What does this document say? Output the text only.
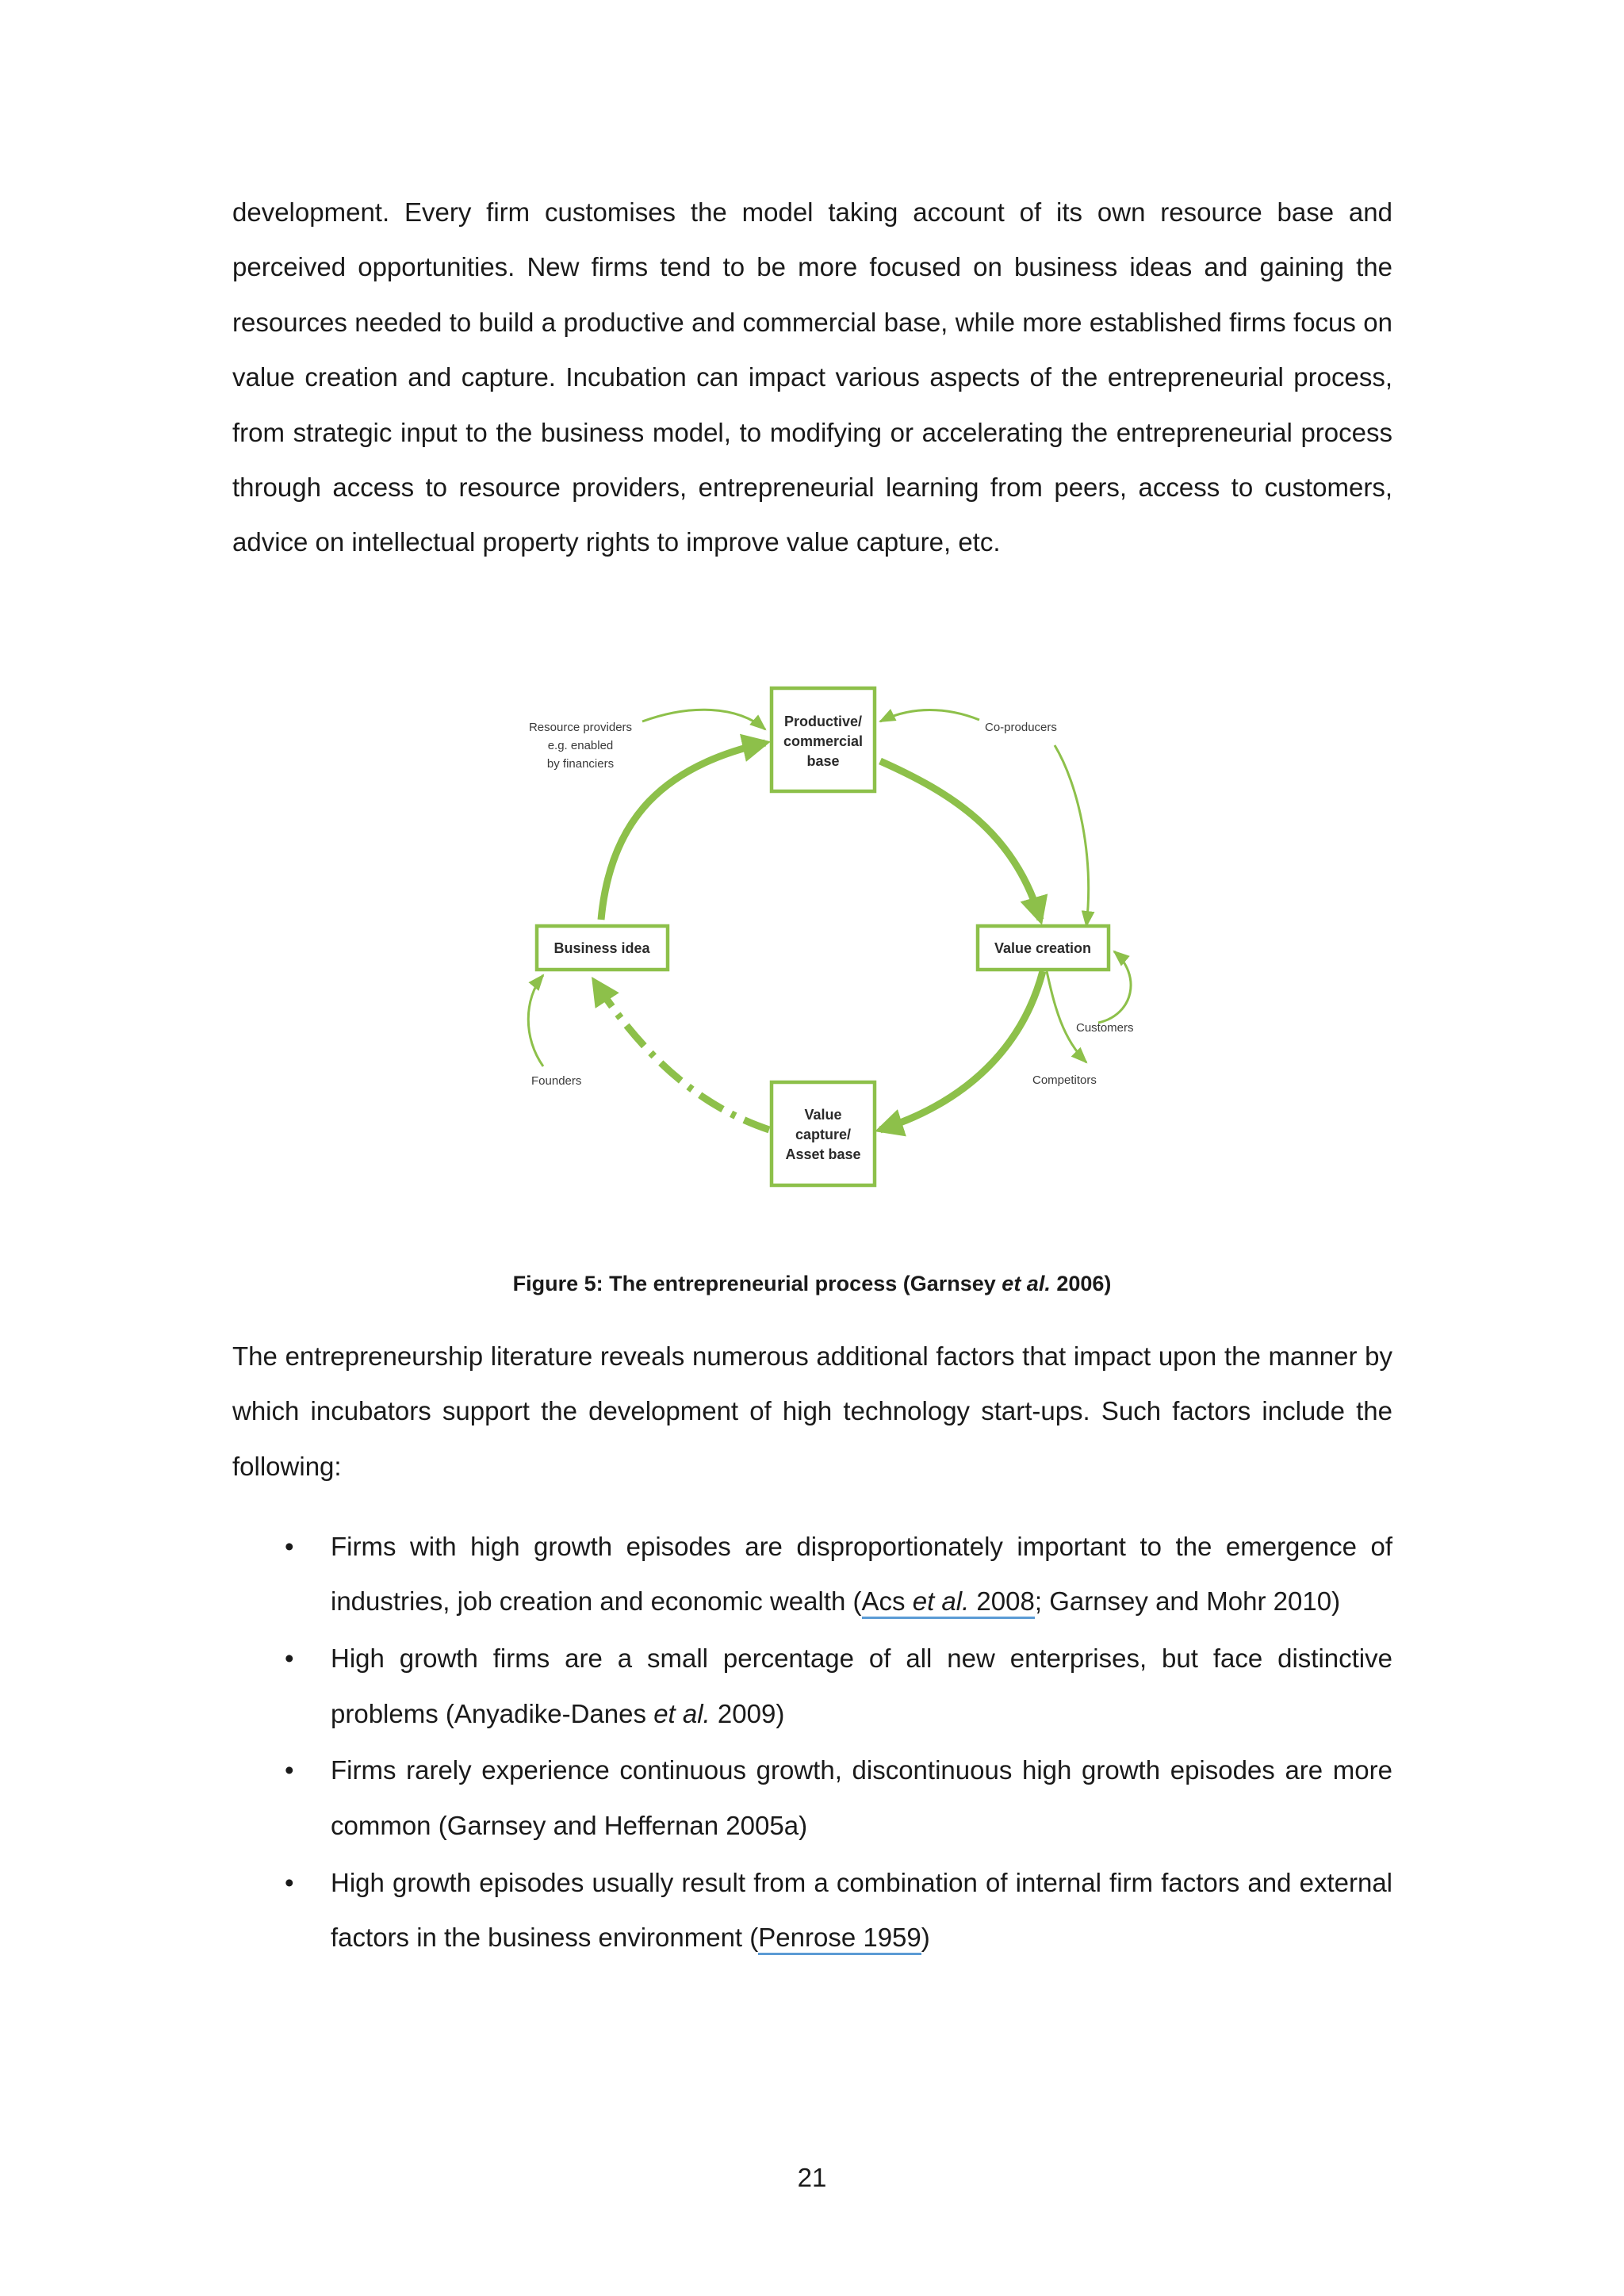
development. Every firm customises the model taking account of its own resource base and perceived opportunities. New firms tend to be more focused on business ideas and gaining the resources needed to build a productive and commercial base, while more established firms focus on value creation and capture. Incubation can impact various aspects of the entrepreneurial process, from strategic input to the business model, to modifying or accelerating the entrepreneurial process through access to resource providers, entrepreneurial learning from peers, access to customers, advice on intellectual property rights to improve value capture, etc.

Productive/
commercial
base
Value creation
Value
capture/
Asset base
Business idea
Resource providers
e.g. enabled
by financiers
Co-producers
Customers
Competitors
Founders

Figure 5: The entrepreneurial process (Garnsey et al. 2006)

The entrepreneurship literature reveals numerous additional factors that impact upon the manner by which incubators support the development of high technology start-ups. Such factors include the following:

• Firms with high growth episodes are disproportionately important to the emergence of industries, job creation and economic wealth (Acs et al. 2008; Garnsey and Mohr 2010)
• High growth firms are a small percentage of all new enterprises, but face distinctive problems (Anyadike-Danes et al. 2009)
• Firms rarely experience continuous growth, discontinuous high growth episodes are more common (Garnsey and Heffernan 2005a)
• High growth episodes usually result from a combination of internal firm factors and external factors in the business environment (Penrose 1959)

21
